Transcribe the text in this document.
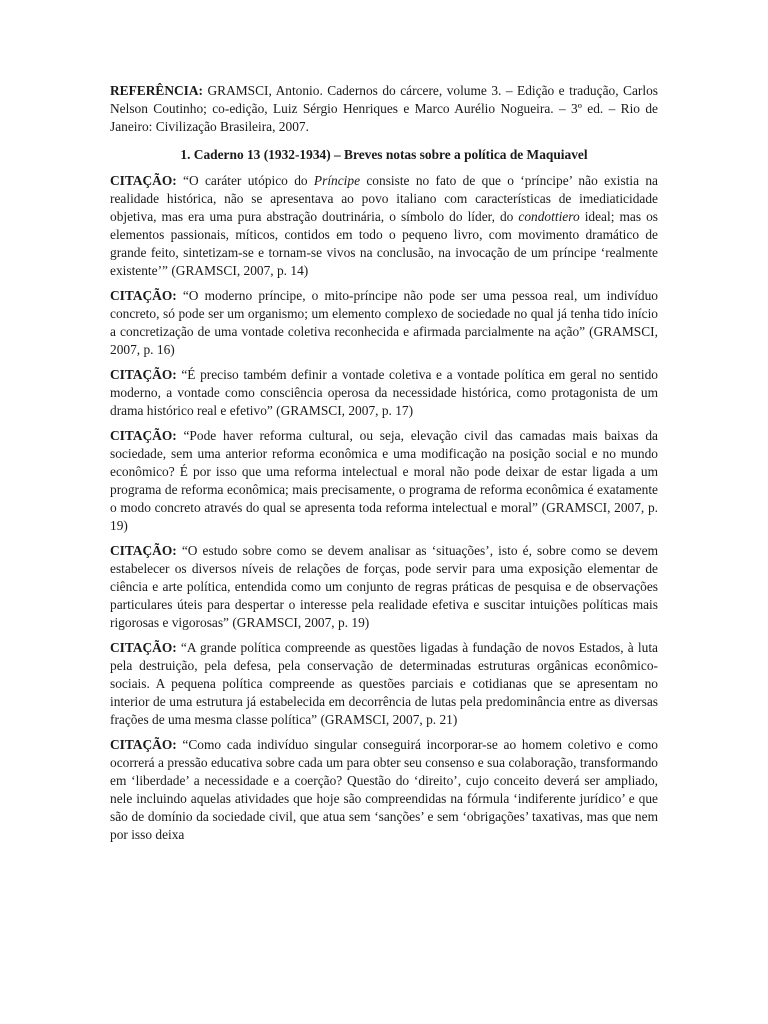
REFERÊNCIA: GRAMSCI, Antonio. Cadernos do cárcere, volume 3. – Edição e tradução, Carlos Nelson Coutinho; co-edição, Luiz Sérgio Henriques e Marco Aurélio Nogueira. – 3º ed. – Rio de Janeiro: Civilização Brasileira, 2007.

1. Caderno 13 (1932-1934) – Breves notas sobre a política de Maquiavel

CITAÇÃO: “O caráter utópico do Príncipe consiste no fato de que o ‘príncipe’ não existia na realidade histórica, não se apresentava ao povo italiano com características de imediaticidade objetiva, mas era uma pura abstração doutrinária, o símbolo do líder, do condottiero ideal; mas os elementos passionais, míticos, contidos em todo o pequeno livro, com movimento dramático de grande feito, sintetizam-se e tornam-se vivos na conclusão, na invocação de um príncipe ‘realmente existente’” (GRAMSCI, 2007, p. 14)

CITAÇÃO: “O moderno príncipe, o mito-príncipe não pode ser uma pessoa real, um indivíduo concreto, só pode ser um organismo; um elemento complexo de sociedade no qual já tenha tido início a concretização de uma vontade coletiva reconhecida e afirmada parcialmente na ação” (GRAMSCI, 2007, p. 16)

CITAÇÃO: “É preciso também definir a vontade coletiva e a vontade política em geral no sentido moderno, a vontade como consciência operosa da necessidade histórica, como protagonista de um drama histórico real e efetivo” (GRAMSCI, 2007, p. 17)

CITAÇÃO: “Pode haver reforma cultural, ou seja, elevação civil das camadas mais baixas da sociedade, sem uma anterior reforma econômica e uma modificação na posição social e no mundo econômico? É por isso que uma reforma intelectual e moral não pode deixar de estar ligada a um programa de reforma econômica; mais precisamente, o programa de reforma econômica é exatamente o modo concreto através do qual se apresenta toda reforma intelectual e moral” (GRAMSCI, 2007, p. 19)

CITAÇÃO: “O estudo sobre como se devem analisar as ‘situações’, isto é, sobre como se devem estabelecer os diversos níveis de relações de forças, pode servir para uma exposição elementar de ciência e arte política, entendida como um conjunto de regras práticas de pesquisa e de observações particulares úteis para despertar o interesse pela realidade efetiva e suscitar intuições políticas mais rigorosas e vigorosas” (GRAMSCI, 2007, p. 19)

CITAÇÃO: “A grande política compreende as questões ligadas à fundação de novos Estados, à luta pela destruição, pela defesa, pela conservação de determinadas estruturas orgânicas econômico-sociais. A pequena política compreende as questões parciais e cotidianas que se apresentam no interior de uma estrutura já estabelecida em decorrência de lutas pela predominância entre as diversas frações de uma mesma classe política” (GRAMSCI, 2007, p. 21)

CITAÇÃO: “Como cada indivíduo singular conseguirá incorporar-se ao homem coletivo e como ocorrerá a pressão educativa sobre cada um para obter seu consenso e sua colaboração, transformando em ‘liberdade’ a necessidade e a coerção? Questão do ‘direito’, cujo conceito deverá ser ampliado, nele incluindo aquelas atividades que hoje são compreendidas na fórmula ‘indiferente jurídico’ e que são de domínio da sociedade civil, que atua sem ‘sanções’ e sem ‘obrigações’ taxativas, mas que nem por isso deixa
